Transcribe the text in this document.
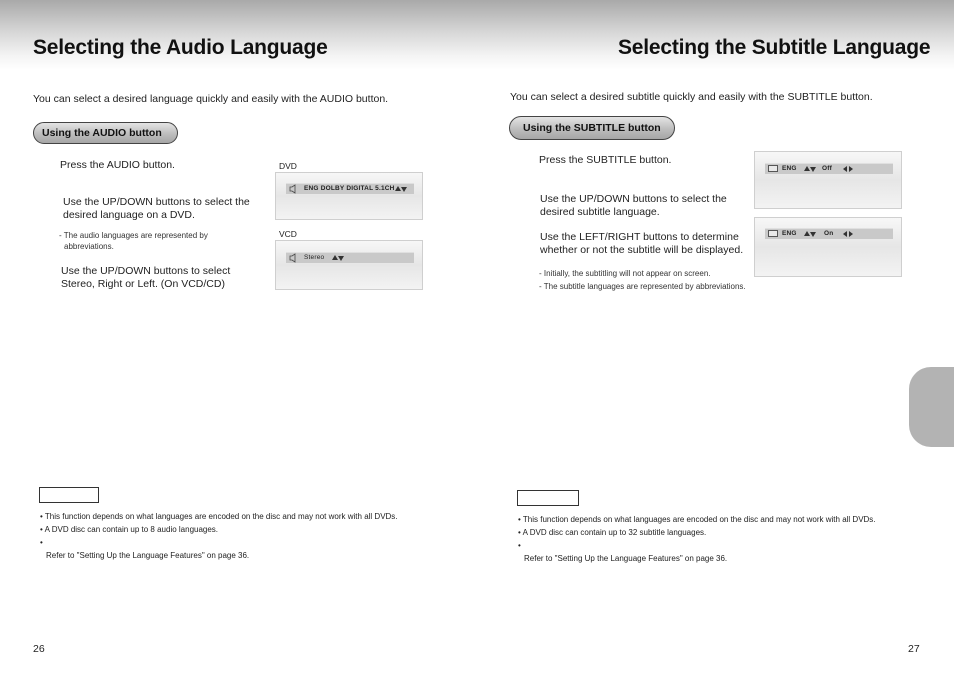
Selecting the Audio Language
You can select a desired language quickly and easily with the AUDIO button.
Using the AUDIO button
Press the AUDIO button.
Use the UP/DOWN buttons to select the
desired language on a DVD.
- The audio languages are represented by
abbreviations.
Use the UP/DOWN buttons to select
Stereo, Right or Left. (On VCD/CD)
DVD
ENG DOLBY DIGITAL 5.1CH
VCD
Stereo
• This function depends on what languages are encoded on the disc and may not work with all DVDs.
• A DVD disc can contain up to 8 audio languages.
•
Refer to "Setting Up the Language Features" on page 36.
26
Selecting the Subtitle Language
You can select a desired subtitle quickly and easily with the SUBTITLE button.
Using the SUBTITLE button
Press the SUBTITLE button.
Use the UP/DOWN buttons to select the
desired subtitle language.
Use the LEFT/RIGHT buttons to determine
whether or not the subtitle will be displayed.
- Initially, the subtitling will not appear on screen.
- The subtitle languages are represented by abbreviations.
ENG	Off
ENG	On
• This function depends on what languages are encoded on the disc and may not work with all DVDs.
• A DVD disc can contain up to 32 subtitle languages.
•
Refer to "Setting Up the Language Features" on page 36.
27
